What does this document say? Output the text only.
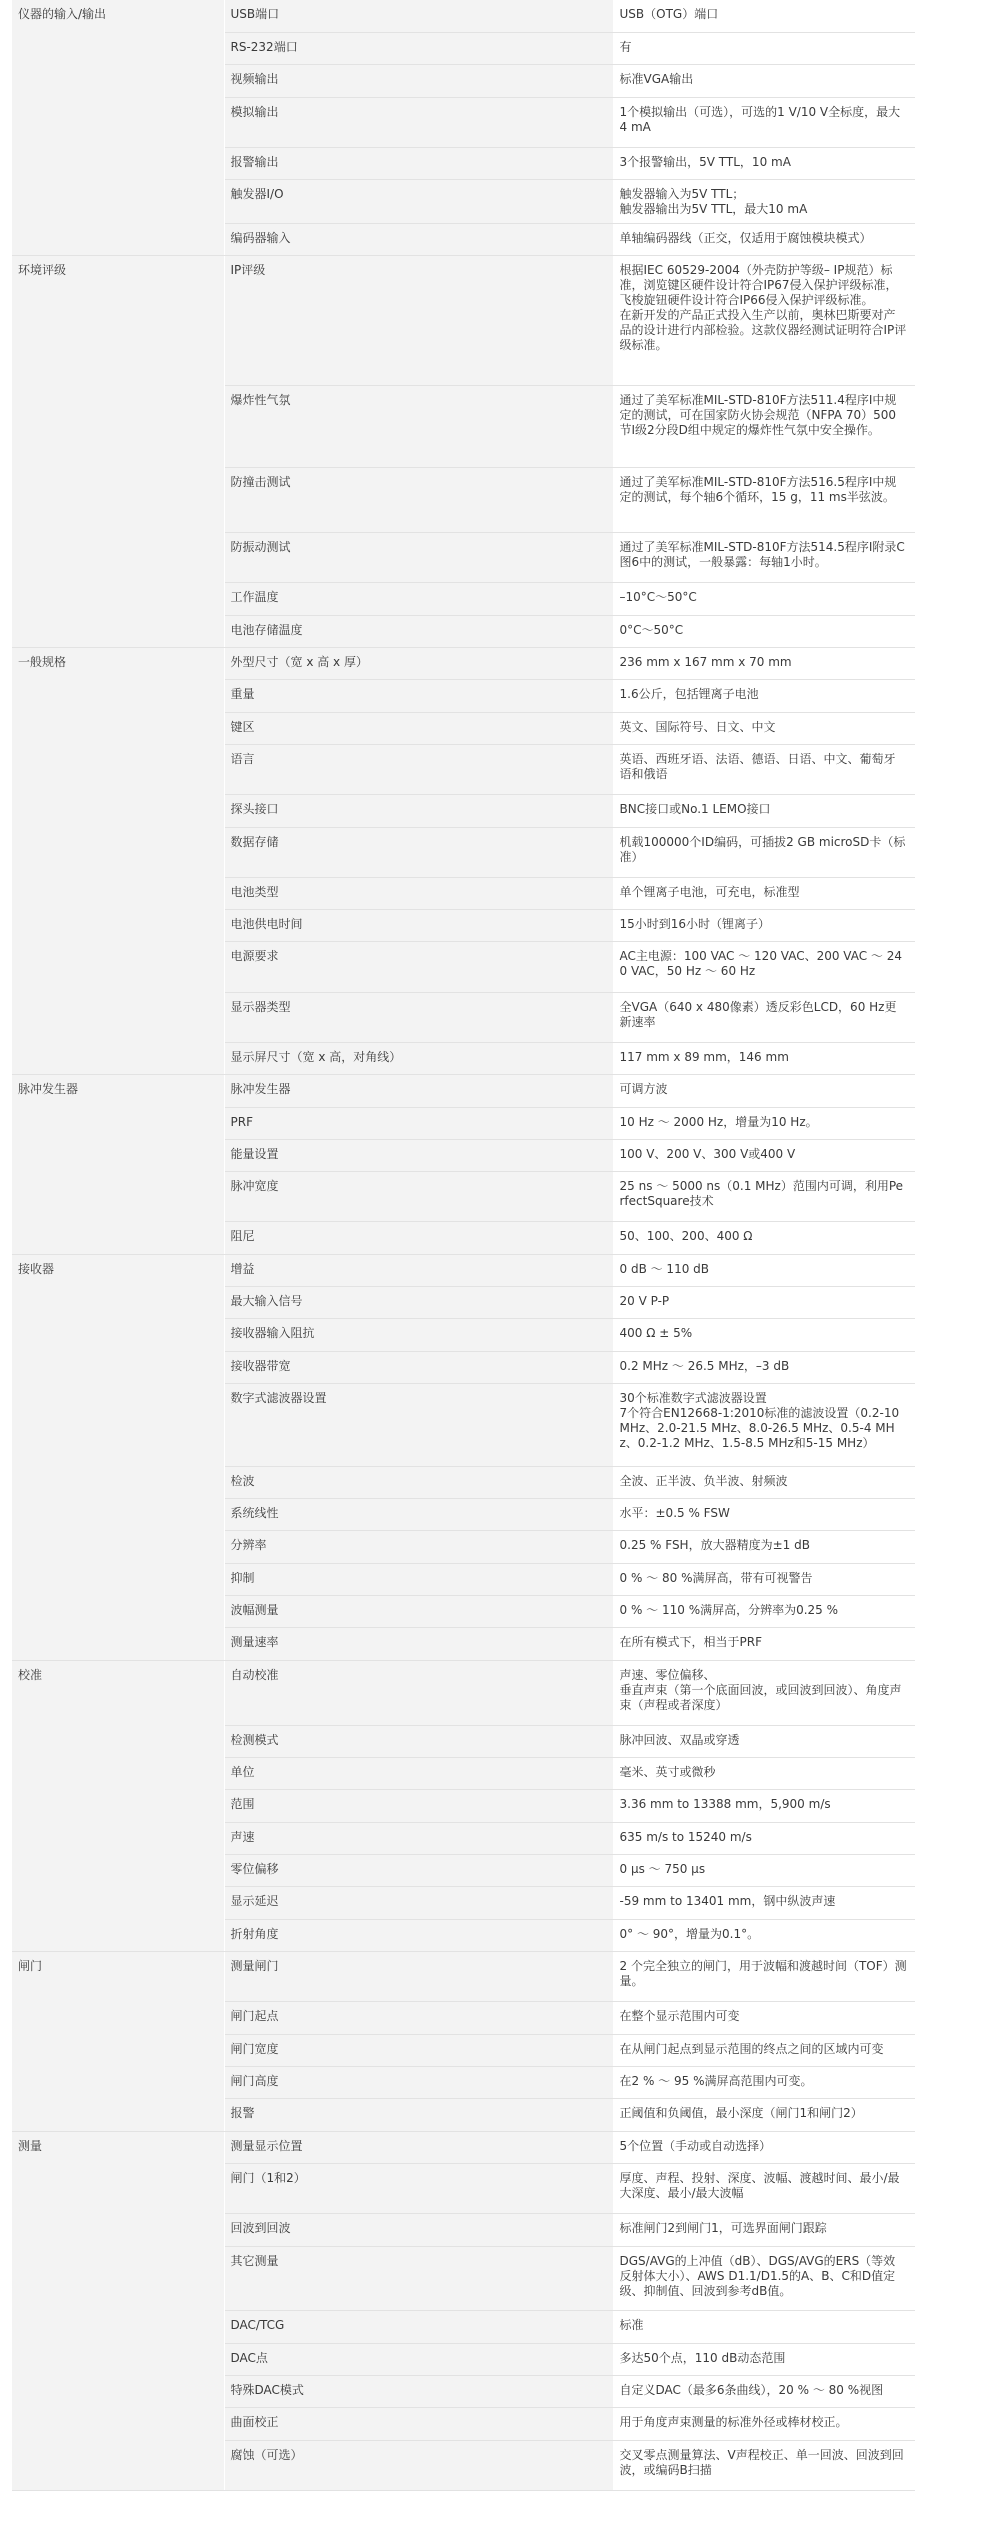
仪器的输入/输出	USB端口	USB（OTG）端口

	RS-232端口	有

	视频输出	标准VGA输出

	模拟输出	1个模拟输出（可选），可选的1 V/10 V全标度，最大4 mA

	报警输出	3个报警输出，5V TTL，10 mA

	触发器I/O	触发器输入为5V TTL；
触发器输出为5V TTL，最大10 mA

	编码器输入	单轴编码器线（正交，仅适用于腐蚀模块模式）

环境评级	IP评级	根据IEC 60529-2004（外壳防护等级– IP规范）标准，浏览键区硬件设计符合IP67侵入保护评级标准，飞梭旋钮硬件设计符合IP66侵入保护评级标准。
在新开发的产品正式投入生产以前，奥林巴斯要对产品的设计进行内部检验。这款仪器经测试证明符合IP评级标准。

	爆炸性气氛	通过了美军标准MIL-STD-810F方法511.4程序I中规定的测试，可在国家防火协会规范（NFPA 70）500节I级2分段D组中规定的爆炸性气氛中安全操作。

	防撞击测试	通过了美军标准MIL-STD-810F方法516.5程序I中规定的测试，每个轴6个循环，15 g，11 ms半弦波。

	防振动测试	通过了美军标准MIL-STD-810F方法514.5程序I附录C图6中的测试，一般暴露：每轴1小时。

	工作温度	–10°C～50°C

	电池存储温度	0°C～50°C

一般规格	外型尺寸（宽 x 高 x 厚）	236 mm x 167 mm x 70 mm

	重量	1.6公斤，包括锂离子电池

	键区	英文、国际符号、日文、中文

	语言	英语、西班牙语、法语、德语、日语、中文、葡萄牙语和俄语

	探头接口	BNC接口或No.1 LEMO接口

	数据存储	机载100000个ID编码，可插拔2 GB microSD卡（标准）

	电池类型	单个锂离子电池，可充电，标准型

	电池供电时间	15小时到16小时（锂离子）

	电源要求	AC主电源：100 VAC ～ 120 VAC、200 VAC ～ 240 VAC，50 Hz ～ 60 Hz

	显示器类型	全VGA（640 x 480像素）透反彩色LCD，60 Hz更新速率

	显示屏尺寸（宽 x 高，对角线）	117 mm x 89 mm，146 mm

脉冲发生器	脉冲发生器	可调方波

	PRF	10 Hz ～ 2000 Hz，增量为10 Hz。

	能量设置	100 V、200 V、300 V或400 V

	脉冲宽度	25 ns ～ 5000 ns（0.1 MHz）范围内可调，利用PerfectSquare技术

	阻尼	50、100、200、400 Ω

接收器	增益	0 dB ～ 110 dB

	最大输入信号	20 V P-P

	接收器输入阻抗	400 Ω ± 5%

	接收器带宽	0.2 MHz ～ 26.5 MHz，–3 dB

	数字式滤波器设置	30个标准数字式滤波器设置
7个符合EN12668-1:2010标准的滤波设置（0.2-10 MHz、2.0-21.5 MHz、8.0-26.5 MHz、0.5-4 MHz、0.2-1.2 MHz、1.5-8.5 MHz和5-15 MHz）

	检波	全波、正半波、负半波、射频波

	系统线性	水平：±0.5 % FSW

	分辨率	0.25 % FSH，放大器精度为±1 dB

	抑制	0 % ～ 80 %满屏高，带有可视警告

	波幅测量	0 % ～ 110 %满屏高，分辨率为0.25 %

	测量速率	在所有模式下，相当于PRF

校准	自动校准	声速、零位偏移、
垂直声束（第一个底面回波，或回波到回波）、角度声束（声程或者深度）

	检测模式	脉冲回波、双晶或穿透

	单位	毫米、英寸或微秒

	范围	3.36 mm to 13388 mm，5,900 m/s

	声速	635 m/s to 15240 m/s

	零位偏移	0 µs ～ 750 µs

	显示延迟	-59 mm to 13401 mm，钢中纵波声速

	折射角度	0° ～ 90°，增量为0.1°。

闸门	测量闸门	2 个完全独立的闸门，用于波幅和渡越时间（TOF）测量。

	闸门起点	在整个显示范围内可变

	闸门宽度	在从闸门起点到显示范围的终点之间的区域内可变

	闸门高度	在2 % ～ 95 %满屏高范围内可变。

	报警	正阈值和负阈值，最小深度（闸门1和闸门2）

测量	测量显示位置	5个位置（手动或自动选择）

	闸门（1和2）	厚度、声程、投射、深度、波幅、渡越时间、最小/最大深度、最小/最大波幅

	回波到回波	标准闸门2到闸门1，可选界面闸门跟踪

	其它测量	DGS/AVG的上冲值（dB）、DGS/AVG的ERS（等效反射体大小）、AWS D1.1/D1.5的A、B、C和D值定级、抑制值、回波到参考dB值。

	DAC/TCG	标准

	DAC点	多达50个点，110 dB动态范围

	特殊DAC模式	自定义DAC（最多6条曲线），20 % ～ 80 %视图

	曲面校正	用于角度声束测量的标准外径或棒材校正。

	腐蚀（可选）	交叉零点测量算法、V声程校正、单一回波、回波到回波，或编码B扫描
